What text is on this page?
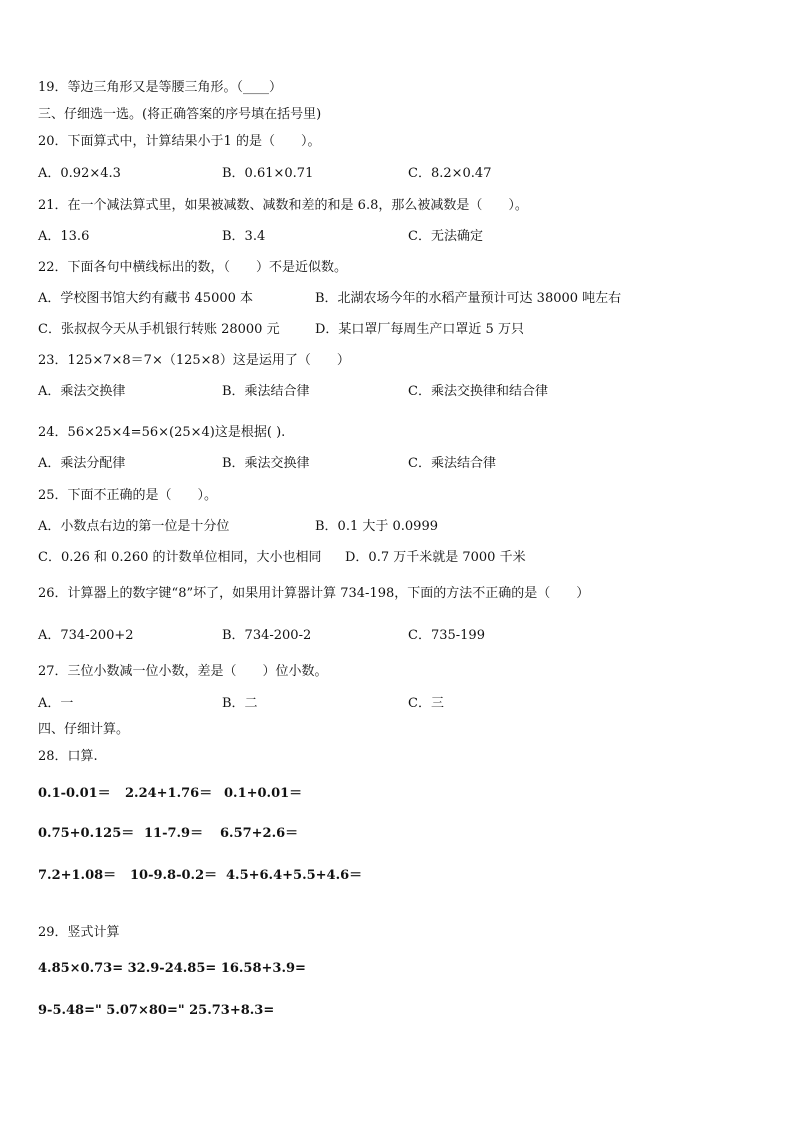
19．等边三角形又是等腰三角形。（____）
三、仔细选一选。(将正确答案的序号填在括号里)
20．下面算式中，计算结果小于1 的是（　　）。
A．0.92×4.3	B．0.61×0.71	C．8.2×0.47
21．在一个减法算式里，如果被减数、减数和差的和是 6.8，那么被减数是（　　）。
A．13.6	B．3.4	C．无法确定
22．下面各句中横线标出的数，（　　）不是近似数。
A．学校图书馆大约有藏书 45000 本	B．北湖农场今年的水稻产量预计可达 38000 吨左右
C．张叔叔今天从手机银行转账 28000 元	D．某口罩厂每周生产口罩近 5 万只
23．125×7×8＝7×（125×8）这是运用了（　　）
A．乘法交换律	B．乘法结合律	C．乘法交换律和结合律
24．56×25×4=56×(25×4)这是根据( ).
A．乘法分配律	B．乘法交换律	C．乘法结合律
25．下面不正确的是（　　）。
A．小数点右边的第一位是十分位	B．0.1 大于 0.0999
C．0.26 和 0.260 的计数单位相同，大小也相同 D．0.7 万千米就是 7000 千米
26．计算器上的数字键“8”坏了，如果用计算器计算 734-198，下面的方法不正确的是（　　）
A．734-200+2	B．734-200-2	C．735-199
27．三位小数减一位小数，差是（　　）位小数。
A．一	B．二	C．三
四、仔细计算。
28．口算.
0.1-0.01＝ 2.24+1.76＝ 0.1+0.01＝
0.75+0.125＝ 11-7.9＝ 6.57+2.6＝
7.2+1.08＝ 10-9.8-0.2＝ 4.5+6.4+5.5+4.6＝
29．竖式计算
4.85×0.73= 32.9-24.85= 16.58+3.9=
9-5.48=" 5.07×80=" 25.73+8.3=
